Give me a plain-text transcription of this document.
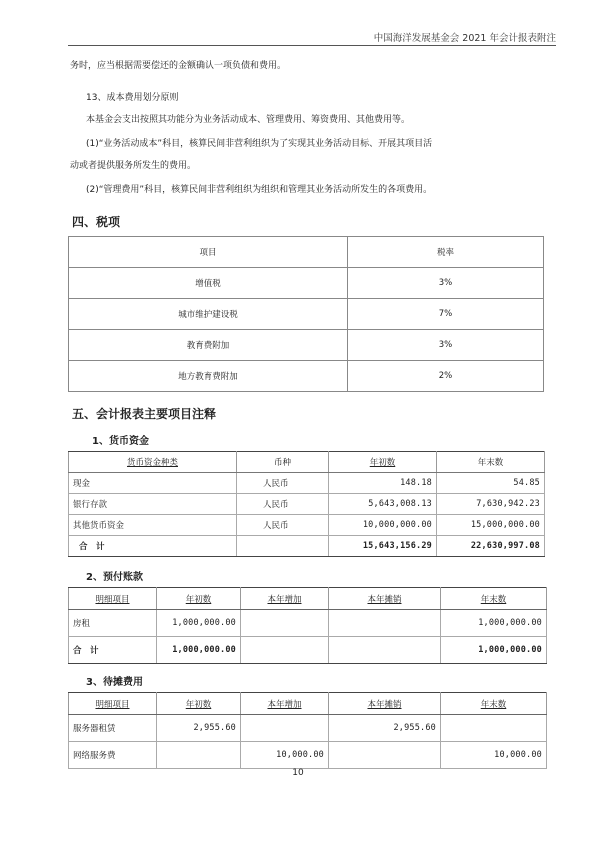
中国海洋发展基金会 2021 年会计报表附注
务时，应当根据需要偿还的金额确认一项负债和费用。
13、成本费用划分原则
本基金会支出按照其功能分为业务活动成本、管理费用、筹资费用、其他费用等。
(1)“业务活动成本”科目，核算民间非营利组织为了实现其业务活动目标、开展其项目活
动或者提供服务所发生的费用。
(2)“管理费用”科目，核算民间非营利组织为组织和管理其业务活动所发生的各项费用。
四、税项
项目	税率
增值税	3%
城市维护建设税	7%
教育费附加	3%
地方教育费附加	2%
五、会计报表主要项目注释
1、货币资金
货币资金种类	币种	年初数	年末数
现金	人民币	148.18	54.85
银行存款	人民币	5,643,008.13	7,630,942.23
其他货币资金	人民币	10,000,000.00	15,000,000.00
合　计		15,643,156.29	22,630,997.08
2、预付账款
明细项目	年初数	本年增加	本年摊销	年末数
房租	1,000,000.00			1,000,000.00
合　计	1,000,000.00			1,000,000.00
3、待摊费用
明细项目	年初数	本年增加	本年摊销	年末数
服务器租赁	2,955.60		2,955.60	
网络服务费		10,000.00		10,000.00
10
